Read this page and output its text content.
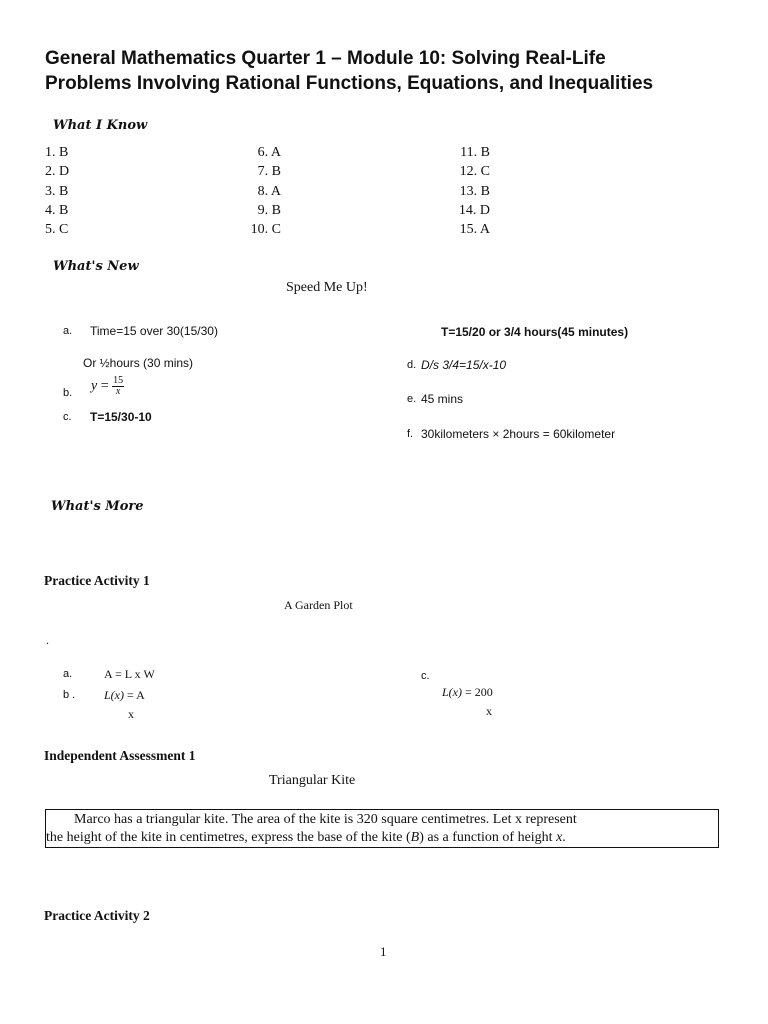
General Mathematics Quarter 1 – Module 10: Solving Real-Life
Problems Involving Rational Functions, Equations, and Inequalities
What I Know
1. B
2. D
3. B
4. B
5. C
6. A
7. B
8. A
9. B
10. C
11. B
12. C
13. B
14. D
15. A
What's New
Speed Me Up!
a. Time=15 over 30(15/30)
Or ½hours (30 mins)
b. $y = \frac{15}{x}$
c. T=15/30-10
T=15/20 or 3/4 hours(45 minutes)
d. D/s 3/4=15/x-10
e. 45 mins
f. 30kilometers × 2hours = 60kilometer
What's More
Practice Activity 1
A Garden Plot
.
a.	A = L x W
b . L(x) = A
x
c.
L(x) = 200
x
Independent Assessment 1
Triangular Kite
Marco has a triangular kite. The area of the kite is 320 square centimetres. Let x represent
the height of the kite in centimetres, express the base of the kite (B) as a function of height x.
Practice Activity 2
1
